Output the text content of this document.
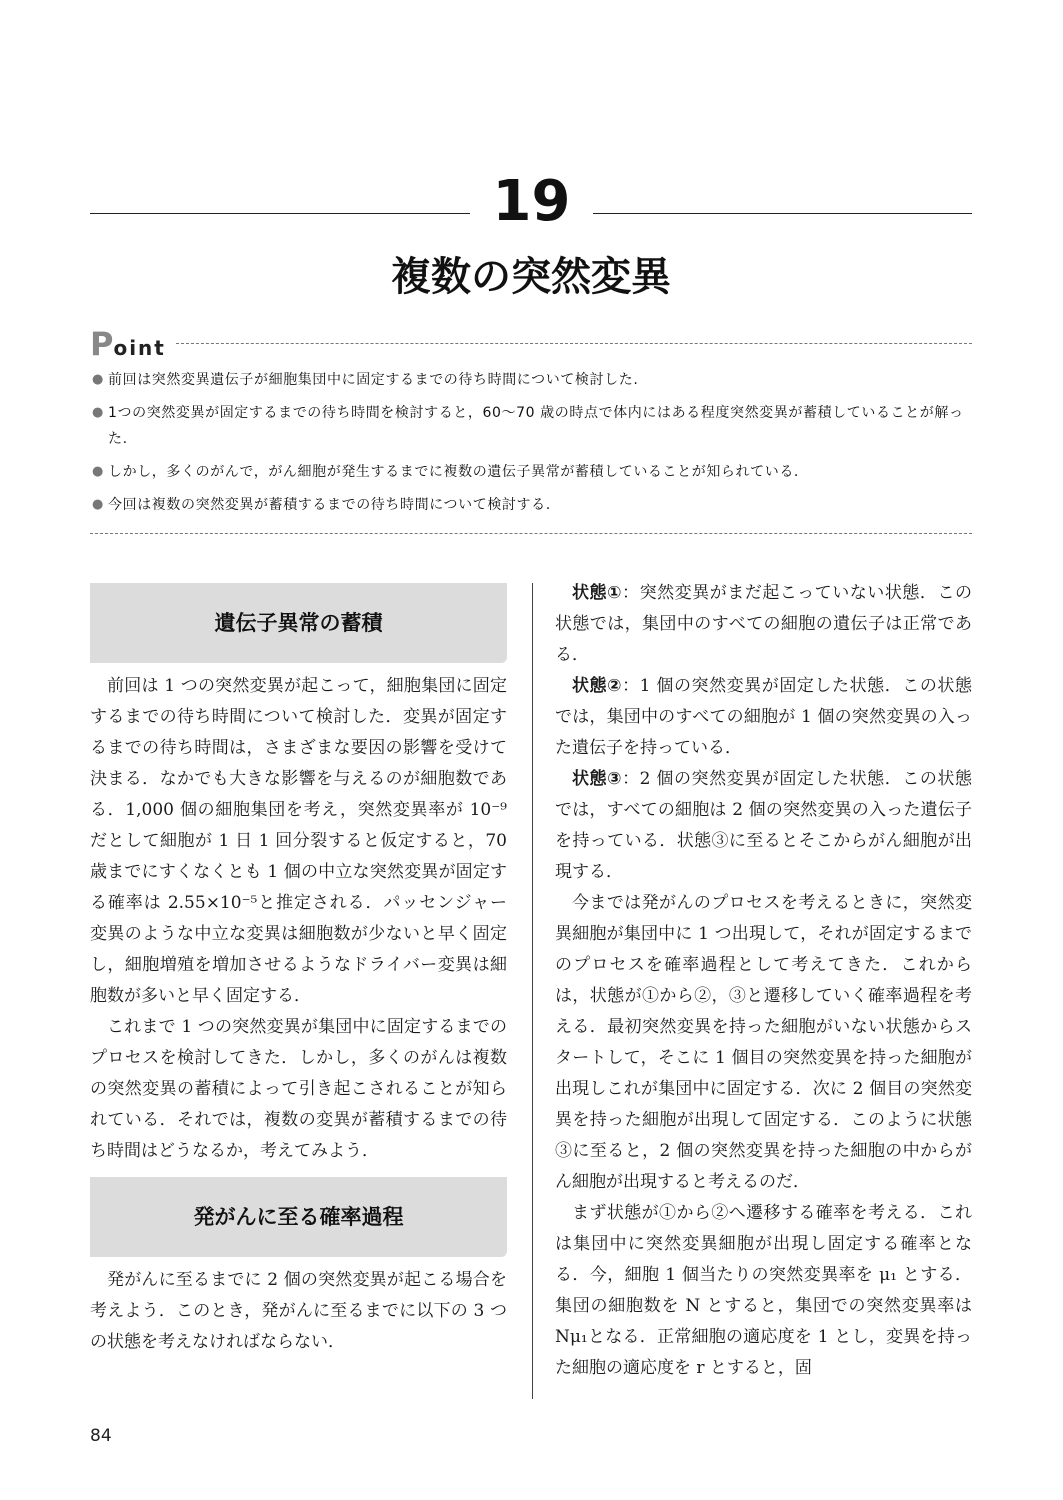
19
複数の突然変異
Point
● 前回は突然変異遺伝子が細胞集団中に固定するまでの待ち時間について検討した.
● 1つの突然変異が固定するまでの待ち時間を検討すると，60～70 歳の時点で体内にはある程度突然変異が蓄積していることが解った.
● しかし，多くのがんで，がん細胞が発生するまでに複数の遺伝子異常が蓄積していることが知られている.
● 今回は複数の突然変異が蓄積するまでの待ち時間について検討する.
遺伝子異常の蓄積

前回は 1 つの突然変異が起こって，細胞集団に固定するまでの待ち時間について検討した．変異が固定するまでの待ち時間は，さまざまな要因の影響を受けて決まる．なかでも大きな影響を与えるのが細胞数である．1,000 個の細胞集団を考え，突然変異率が 10⁻⁹だとして細胞が 1 日 1 回分裂すると仮定すると，70 歳までにすくなくとも 1 個の中立な突然変異が固定する確率は 2.55×10⁻⁵と推定される．パッセンジャー変異のような中立な変異は細胞数が少ないと早く固定し，細胞増殖を増加させるようなドライバー変異は細胞数が多いと早く固定する．

これまで 1 つの突然変異が集団中に固定するまでのプロセスを検討してきた．しかし，多くのがんは複数の突然変異の蓄積によって引き起こされることが知られている．それでは，複数の変異が蓄積するまでの待ち時間はどうなるか，考えてみよう．

発がんに至る確率過程

発がんに至るまでに 2 個の突然変異が起こる場合を考えよう．このとき，発がんに至るまでに以下の 3 つの状態を考えなければならない．

状態①：突然変異がまだ起こっていない状態．この状態では，集団中のすべての細胞の遺伝子は正常である．

状態②：1 個の突然変異が固定した状態．この状態では，集団中のすべての細胞が 1 個の突然変異の入った遺伝子を持っている．

状態③：2 個の突然変異が固定した状態．この状態では，すべての細胞は 2 個の突然変異の入った遺伝子を持っている．状態③に至るとそこからがん細胞が出現する．

今までは発がんのプロセスを考えるときに，突然変異細胞が集団中に 1 つ出現して，それが固定するまでのプロセスを確率過程として考えてきた．これからは，状態が①から②，③と遷移していく確率過程を考える．最初突然変異を持った細胞がいない状態からスタートして，そこに 1 個目の突然変異を持った細胞が出現しこれが集団中に固定する．次に 2 個目の突然変異を持った細胞が出現して固定する．このように状態③に至ると，2 個の突然変異を持った細胞の中からがん細胞が出現すると考えるのだ．

まず状態が①から②へ遷移する確率を考える．これは集団中に突然変異細胞が出現し固定する確率となる．今，細胞 1 個当たりの突然変異率を μ₁ とする．集団の細胞数を N とすると，集団での突然変異率は Nμ₁となる．正常細胞の適応度を 1 とし，変異を持った細胞の適応度を r とすると，固

84
